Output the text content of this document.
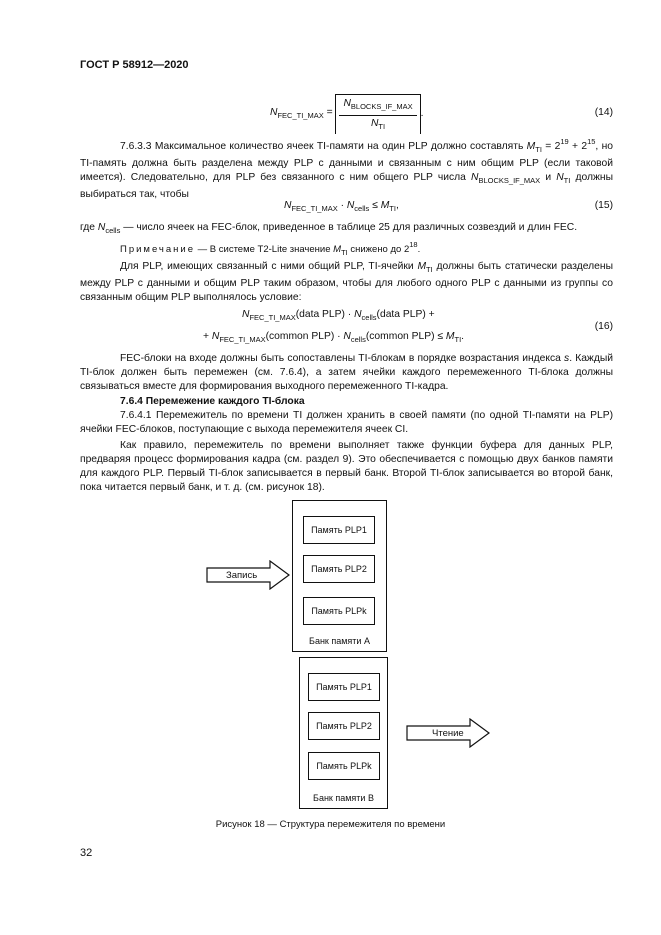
ГОСТ Р 58912—2020
$N_{FEC\_TI\_MAX} = \frac{N_{BLOCKS\_IF\_MAX}}{N_{TI}}$ .	(14)
7.6.3.3 Максимальное количество ячеек TI-памяти на один PLP должно составлять $M_{TI} = 2^{19} + 2^{15}$, но TI-память должна быть разделена между PLP с данными и связанным с ним общим PLP (если таковой имеется). Следовательно, для PLP без связанного с ним общего PLP числа $N_{BLOCKS\_IF\_MAX}$ и $N_{TI}$ должны выбираться так, чтобы
$N_{FEC\_TI\_MAX} \cdot N_{cells} \le M_{TI}$,	(15)
где $N_{cells}$ — число ячеек на FEC-блок, приведенное в таблице 25 для различных созвездий и длин FEC.
Примечание — В системе T2-Lite значение $M_{TI}$ снижено до $2^{18}$.
Для PLP, имеющих связанный с ними общий PLP, TI-ячейки $M_{TI}$ должны быть статически разделены между PLP с данными и общим PLP таким образом, чтобы для любого одного PLP с данными из группы со связанным общим PLP выполнялось условие:
$N_{FEC\_TI\_MAX}(data$ $PLP) \cdot N_{cells}(data$ PLP) +
+ $N_{FEC\_TI\_MAX}(common$ $PLP) \cdot N_{cells}(common$ $PLP) \le M_{TI}$.
(16)
FEC-блоки на входе должны быть сопоставлены TI-блокам в порядке возрастания индекса s. Каждый TI-блок должен быть перемежен (см. 7.6.4), а затем ячейки каждого перемеженного TI-блока должны связываться вместе для формирования выходного перемеженного TI-кадра.
7.6.4 Перемежение каждого TI-блока
7.6.4.1 Перемежитель по времени TI должен хранить в своей памяти (по одной TI-памяти на PLP) ячейки FEC-блоков, поступающие с выхода перемежителя ячеек CI.
Как правило, перемежитель по времени выполняет также функции буфера для данных PLP, предваряя процесс формирования кадра (см. раздел 9). Это обеспечивается с помощью двух банков памяти для каждого PLP. Первый TI-блок записывается в первый банк. Второй TI-блок записывается во второй банк, пока читается первый банк, и т. д. (см. рисунок 18).
Запись
Память PLP1
Память PLP2
Память PLPk
Банк памяти A
Память PLP1
Память PLP2
Память PLPk
Банк памяти B
Чтение
Рисунок 18 — Структура перемежителя по времени
32
